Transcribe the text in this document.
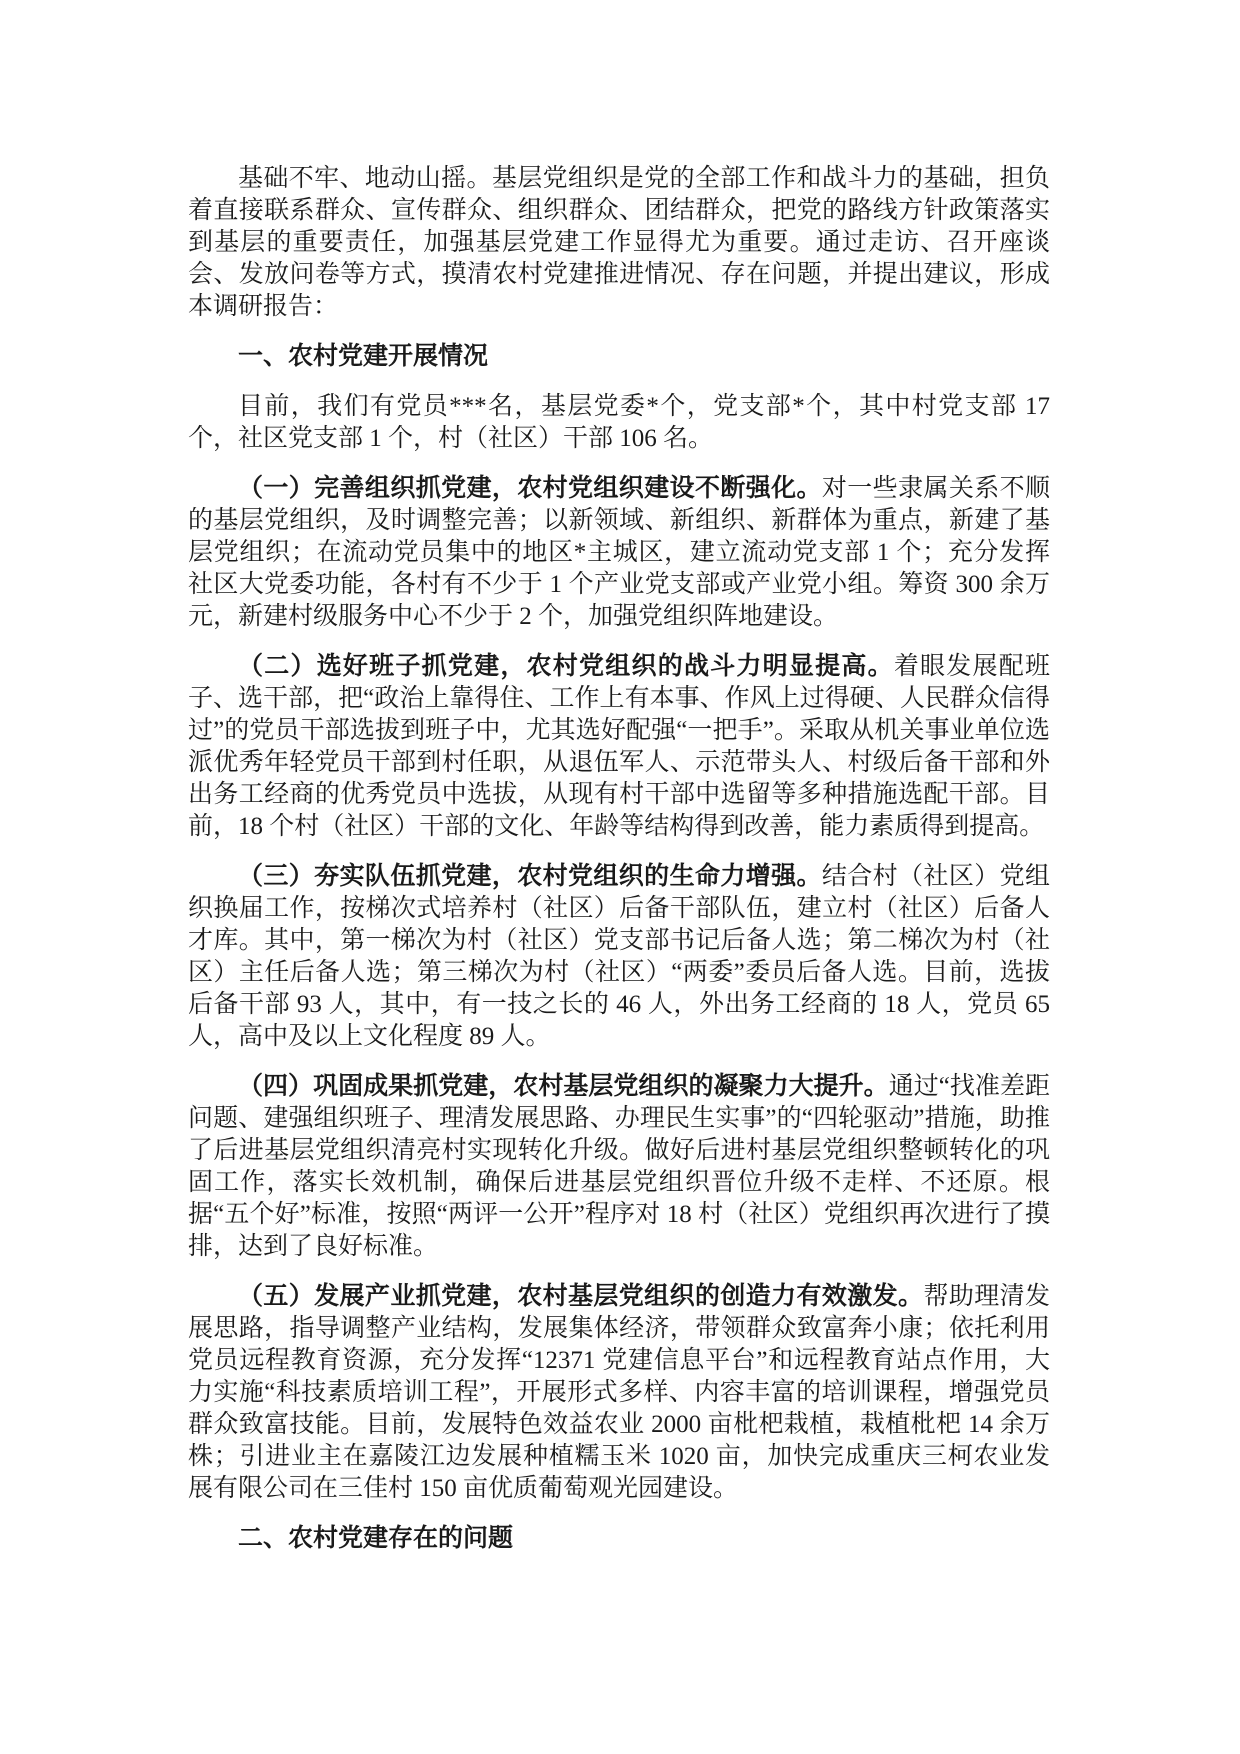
基础不牢、地动山摇。基层党组织是党的全部工作和战斗力的基础，担负着直接联系群众、宣传群众、组织群众、团结群众，把党的路线方针政策落实到基层的重要责任，加强基层党建工作显得尤为重要。通过走访、召开座谈会、发放问卷等方式，摸清农村党建推进情况、存在问题，并提出建议，形成本调研报告：

一、农村党建开展情况

目前，我们有党员***名，基层党委*个，党支部*个，其中村党支部 17 个，社区党支部 1 个，村（社区）干部 106 名。

（一）完善组织抓党建，农村党组织建设不断强化。对一些隶属关系不顺的基层党组织，及时调整完善；以新领域、新组织、新群体为重点，新建了基层党组织；在流动党员集中的地区*主城区，建立流动党支部 1 个；充分发挥社区大党委功能，各村有不少于 1 个产业党支部或产业党小组。筹资 300 余万元，新建村级服务中心不少于 2 个，加强党组织阵地建设。

（二）选好班子抓党建，农村党组织的战斗力明显提高。着眼发展配班子、选干部，把“政治上靠得住、工作上有本事、作风上过得硬、人民群众信得过”的党员干部选拔到班子中，尤其选好配强“一把手”。采取从机关事业单位选派优秀年轻党员干部到村任职，从退伍军人、示范带头人、村级后备干部和外出务工经商的优秀党员中选拔，从现有村干部中选留等多种措施选配干部。目前，18 个村（社区）干部的文化、年龄等结构得到改善，能力素质得到提高。

（三）夯实队伍抓党建，农村党组织的生命力增强。结合村（社区）党组织换届工作，按梯次式培养村（社区）后备干部队伍，建立村（社区）后备人才库。其中，第一梯次为村（社区）党支部书记后备人选；第二梯次为村（社区）主任后备人选；第三梯次为村（社区）“两委”委员后备人选。目前，选拔后备干部 93 人，其中，有一技之长的 46 人，外出务工经商的 18 人，党员 65 人，高中及以上文化程度 89 人。

（四）巩固成果抓党建，农村基层党组织的凝聚力大提升。通过“找准差距问题、建强组织班子、理清发展思路、办理民生实事”的“四轮驱动”措施，助推了后进基层党组织清亮村实现转化升级。做好后进村基层党组织整顿转化的巩固工作，落实长效机制，确保后进基层党组织晋位升级不走样、不还原。根据“五个好”标准，按照“两评一公开”程序对 18 村（社区）党组织再次进行了摸排，达到了良好标准。

（五）发展产业抓党建，农村基层党组织的创造力有效激发。帮助理清发展思路，指导调整产业结构，发展集体经济，带领群众致富奔小康；依托利用党员远程教育资源，充分发挥“12371 党建信息平台”和远程教育站点作用，大力实施“科技素质培训工程”，开展形式多样、内容丰富的培训课程，增强党员群众致富技能。目前，发展特色效益农业 2000 亩枇杷栽植，栽植枇杷 14 余万株；引进业主在嘉陵江边发展种植糯玉米 1020 亩，加快完成重庆三柯农业发展有限公司在三佳村 150 亩优质葡萄观光园建设。

二、农村党建存在的问题
